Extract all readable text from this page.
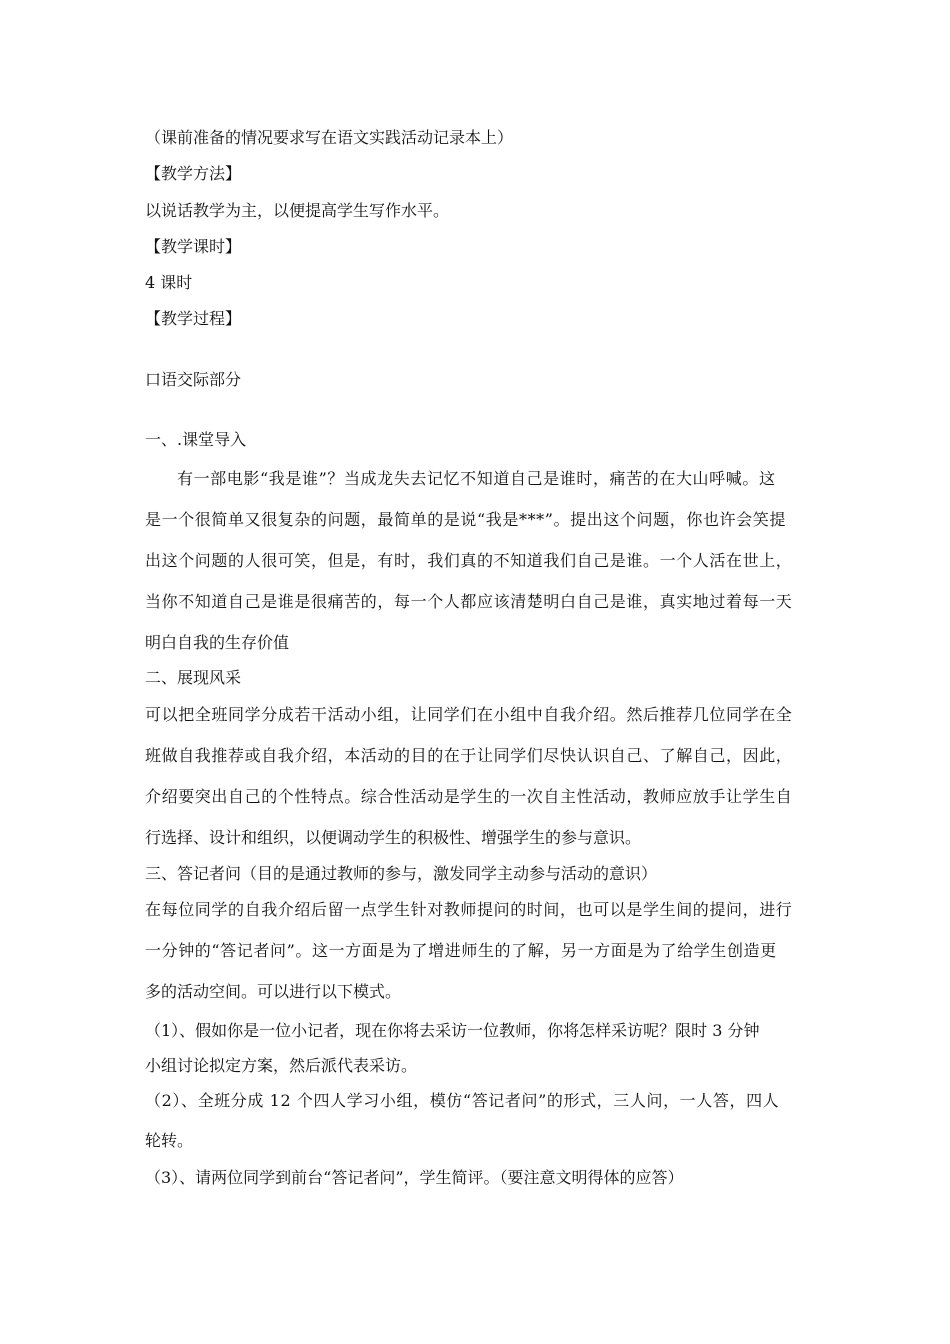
（课前准备的情况要求写在语文实践活动记录本上）
【教学方法】
以说话教学为主，以便提高学生写作水平。
【教学课时】
4 课时
【教学过程】
口语交际部分
一、.课堂导入
有一部电影“我是谁”？当成龙失去记忆不知道自己是谁时，痛苦的在大山呼喊。这
是一个很简单又很复杂的问题，最简单的是说“我是***”。提出这个问题，你也许会笑提
出这个问题的人很可笑，但是，有时，我们真的不知道我们自己是谁。一个人活在世上，
当你不知道自己是谁是很痛苦的，每一个人都应该清楚明白自己是谁，真实地过着每一天
明白自我的生存价值
二、展现风采
可以把全班同学分成若干活动小组，让同学们在小组中自我介绍。然后推荐几位同学在全
班做自我推荐或自我介绍，本活动的目的在于让同学们尽快认识自己、了解自己，因此，
介绍要突出自己的个性特点。综合性活动是学生的一次自主性活动，教师应放手让学生自
行选择、设计和组织，以便调动学生的积极性、增强学生的参与意识。
三、答记者问（目的是通过教师的参与，激发同学主动参与活动的意识）
在每位同学的自我介绍后留一点学生针对教师提问的时间，也可以是学生间的提问，进行
一分钟的“答记者问”。这一方面是为了增进师生的了解，另一方面是为了给学生创造更
多的活动空间。可以进行以下模式。
（1）、假如你是一位小记者，现在你将去采访一位教师，你将怎样采访呢？限时 3 分钟
小组讨论拟定方案，然后派代表采访。
（2）、全班分成 12 个四人学习小组，模仿“答记者问”的形式，三人问，一人答，四人
轮转。
（3）、请两位同学到前台“答记者问”，学生简评。（要注意文明得体的应答）
